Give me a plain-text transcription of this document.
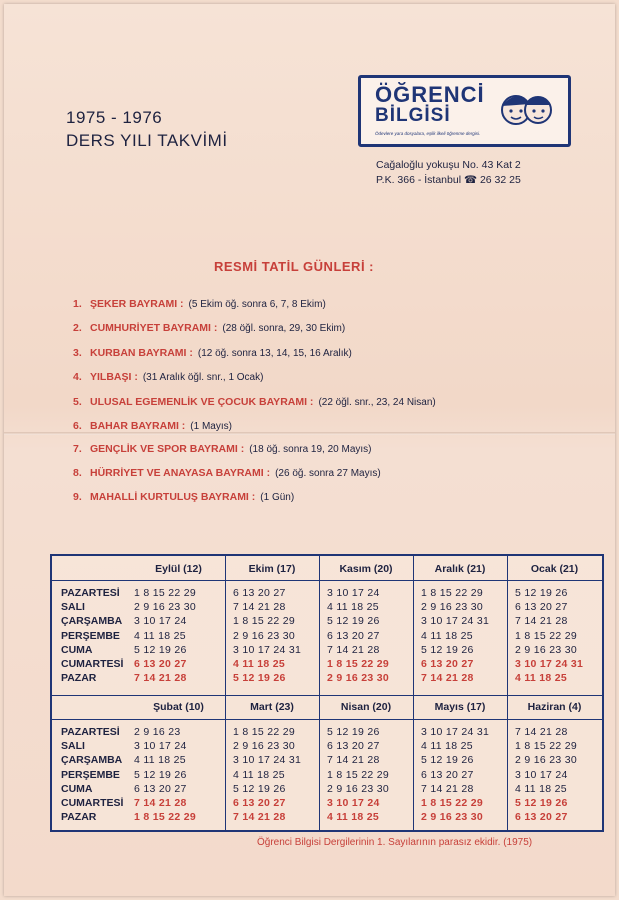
1975 - 1976
DERS YILI TAKVİMİ
ÖĞRENCİ
BİLGİSİ
Ödevlere yara dosyalara, eşlik ilkeli öğrenme dergisi.
Cağaloğlu yokuşu No. 43 Kat 2
P.K. 366 - İstanbul ☎ 26 32 25
RESMİ TATİL GÜNLERİ :
1. ŞEKER BAYRAMI : (5 Ekim öğ. sonra 6, 7, 8 Ekim)
2. CUMHURİYET BAYRAMI : (28 öğl. sonra, 29, 30 Ekim)
3. KURBAN BAYRAMI : (12 öğ. sonra 13, 14, 15, 16 Aralık)
4. YILBAŞI : (31 Aralık öğl. snr., 1 Ocak)
5. ULUSAL EGEMENLİK VE ÇOCUK BAYRAMI : (22 öğl. snr., 23, 24 Nisan)
6. BAHAR BAYRAMI : (1 Mayıs)
7. GENÇLİK VE SPOR BAYRAMI : (18 öğ. sonra 19, 20 Mayıs)
8. HÜRRİYET VE ANAYASA BAYRAMI : (26 öğ. sonra 27 Mayıs)
9. MAHALLİ KURTULUŞ BAYRAMI : (1 Gün)
PAZARTESİ
SALI
ÇARŞAMBA
PERŞEMBE
CUMA
CUMARTESİ
PAZAR
Eylül (12)
1 8 15 22 29
2 9 16 23 30
3 10 17 24
4 11 18 25
5 12 19 26
6 13 20 27
7 14 21 28
Ekim (17)
6 13 20 27
7 14 21 28
1 8 15 22 29
2 9 16 23 30
3 10 17 24 31
4 11 18 25
5 12 19 26
Kasım (20)
3 10 17 24
4 11 18 25
5 12 19 26
6 13 20 27
7 14 21 28
1 8 15 22 29
2 9 16 23 30
Aralık (21)
1 8 15 22 29
2 9 16 23 30
3 10 17 24 31
4 11 18 25
5 12 19 26
6 13 20 27
7 14 21 28
Ocak (21)
5 12 19 26
6 13 20 27
7 14 21 28
1 8 15 22 29
2 9 16 23 30
3 10 17 24 31
4 11 18 25
PAZARTESİ
SALI
ÇARŞAMBA
PERŞEMBE
CUMA
CUMARTESİ
PAZAR
Şubat (10)
2 9 16 23
3 10 17 24
4 11 18 25
5 12 19 26
6 13 20 27
7 14 21 28
1 8 15 22 29
Mart (23)
1 8 15 22 29
2 9 16 23 30
3 10 17 24 31
4 11 18 25
5 12 19 26
6 13 20 27
7 14 21 28
Nisan (20)
5 12 19 26
6 13 20 27
7 14 21 28
1 8 15 22 29
2 9 16 23 30
3 10 17 24
4 11 18 25
Mayıs (17)
3 10 17 24 31
4 11 18 25
5 12 19 26
6 13 20 27
7 14 21 28
1 8 15 22 29
2 9 16 23 30
Haziran (4)
7 14 21 28
1 8 15 22 29
2 9 16 23 30
3 10 17 24
4 11 18 25
5 12 19 26
6 13 20 27
Öğrenci Bilgisi Dergilerinin 1. Sayılarının parasız ekidir. (1975)
